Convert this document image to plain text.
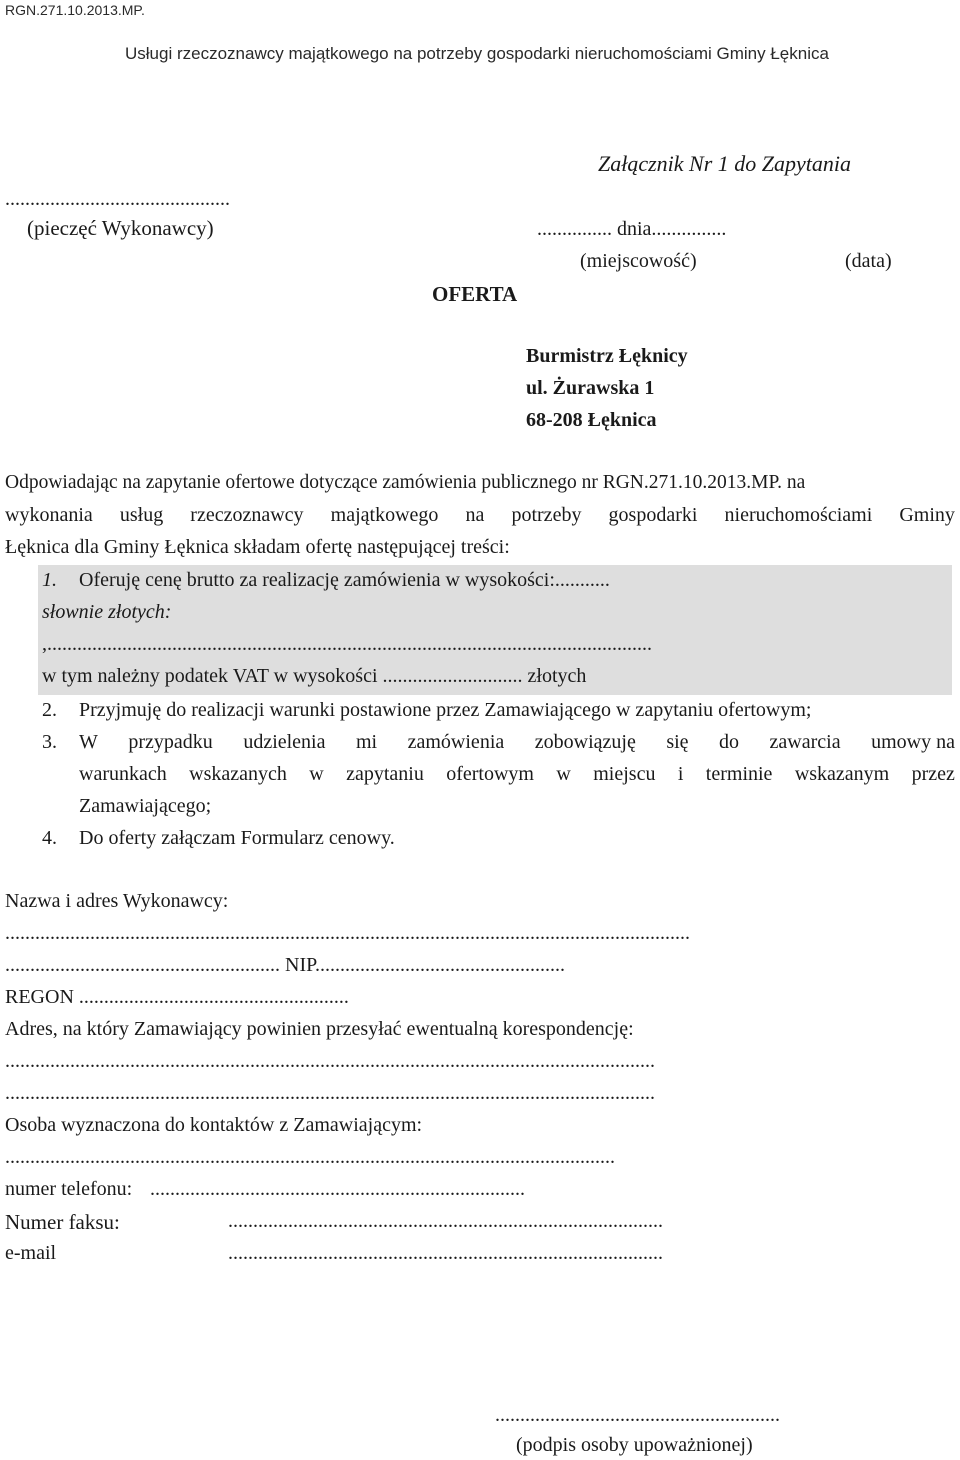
RGN.271.10.2013.MP.
Usługi rzeczoznawcy majątkowego na potrzeby gospodarki nieruchomościami Gminy Łęknica
Załącznik Nr 1 do Zapytania
.............................................
(pieczęć Wykonawcy)	............... dnia...............
(miejscowość)	(data)
OFERTA
Burmistrz Łęknicy
ul. Żurawska 1
68-208 Łęknica
Odpowiadając na zapytanie ofertowe dotyczące zamówienia publicznego nr RGN.271.10.2013.MP. na
wykonania usług rzeczoznawcy majątkowego na potrzeby gospodarki nieruchomościami Gminy
Łęknica dla Gminy Łęknica składam ofertę następującej treści:
1. Oferuję cenę brutto za realizację zamówienia w wysokości:...........
słownie złotych:
.........................................................................................................................,
w tym należny podatek VAT w wysokości ............................ złotych
2. Przyjmuję do realizacji warunki postawione przez Zamawiającego w zapytaniu ofertowym;
3. W przypadku udzielenia mi zamówienia zobowiązuję się do zawarcia umowy na
warunkach wskazanych w zapytaniu ofertowym w miejscu i terminie wskazanym przez
Zamawiającego;
4. Do oferty załączam Formularz cenowy.
Nazwa i adres Wykonawcy:
.........................................................................................................................................
....................................................... NIP..................................................
REGON ......................................................
Adres, na który Zamawiający powinien przesyłać ewentualną korespondencję:
..................................................................................................................................
..................................................................................................................................
Osoba wyznaczona do kontaktów z Zamawiającym:
..........................................................................................................................
numer telefonu: ...........................................................................
Numer faksu:	.......................................................................................
e-mail	.......................................................................................
.........................................................
(podpis osoby upoważnionej)
